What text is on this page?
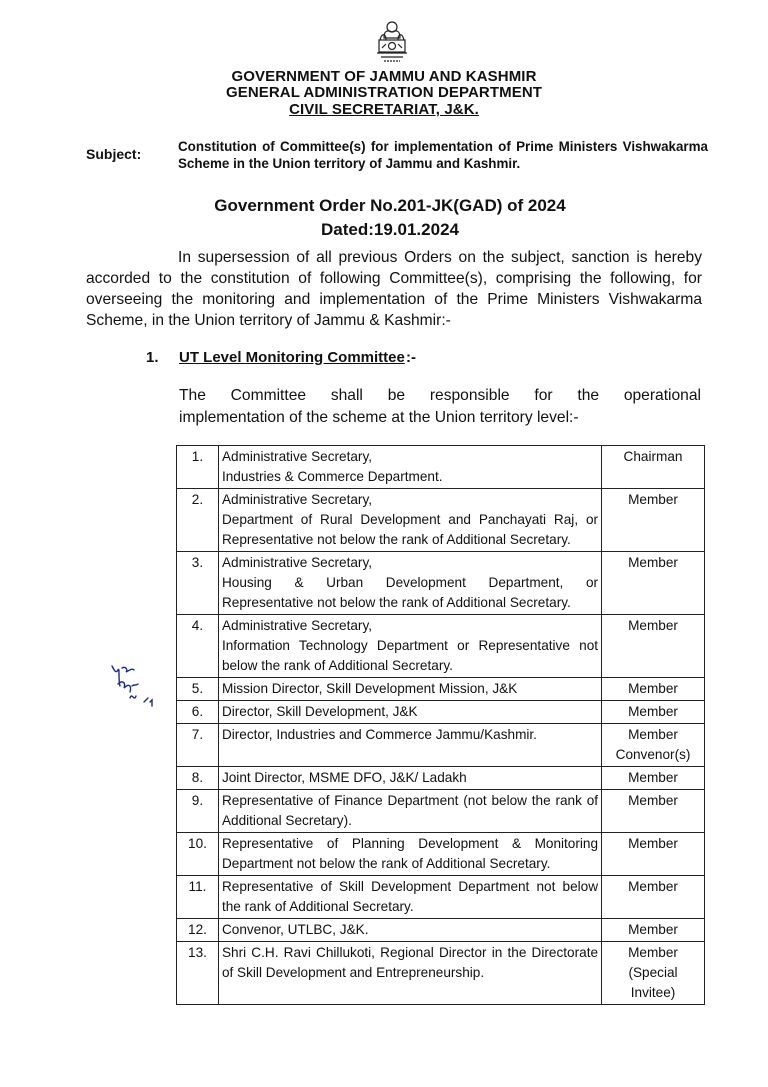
GOVERNMENT OF JAMMU AND KASHMIR
GENERAL ADMINISTRATION DEPARTMENT
CIVIL SECRETARIAT, J&K.
Subject:	Constitution of Committee(s) for implementation of Prime Ministers Vishwakarma Scheme in the Union territory of Jammu and Kashmir.
Government Order No.201-JK(GAD) of 2024
Dated:19.01.2024
In supersession of all previous Orders on the subject, sanction is hereby accorded to the constitution of following Committee(s), comprising the following, for overseeing the monitoring and implementation of the Prime Ministers Vishwakarma Scheme, in the Union territory of Jammu & Kashmir:-
1. UT Level Monitoring Committee :-
The Committee shall be responsible for the operational
implementation of the scheme at the Union territory level:-
1.	Administrative Secretary,
Industries & Commerce Department.	Chairman
2.	Administrative Secretary,
Department of Rural Development and Panchayati Raj, or Representative not below the rank of Additional Secretary.	Member
3.	Administrative Secretary,
Housing & Urban Development Department, or Representative not below the rank of Additional Secretary.	Member
4.	Administrative Secretary,
Information Technology Department or Representative not below the rank of Additional Secretary.	Member
5.	Mission Director, Skill Development Mission, J&K	Member
6.	Director, Skill Development, J&K	Member
7.	Director, Industries and Commerce Jammu/Kashmir.	Member Convenor(s)
8.	Joint Director, MSME DFO, J&K/ Ladakh	Member
9.	Representative of Finance Department (not below the rank of Additional Secretary).	Member
10.	Representative of Planning Development & Monitoring Department not below the rank of Additional Secretary.	Member
11.	Representative of Skill Development Department not below the rank of Additional Secretary.	Member
12.	Convenor, UTLBC, J&K.	Member
13.	Shri C.H. Ravi Chillukoti, Regional Director in the Directorate of Skill Development and Entrepreneurship.	Member (Special Invitee)
